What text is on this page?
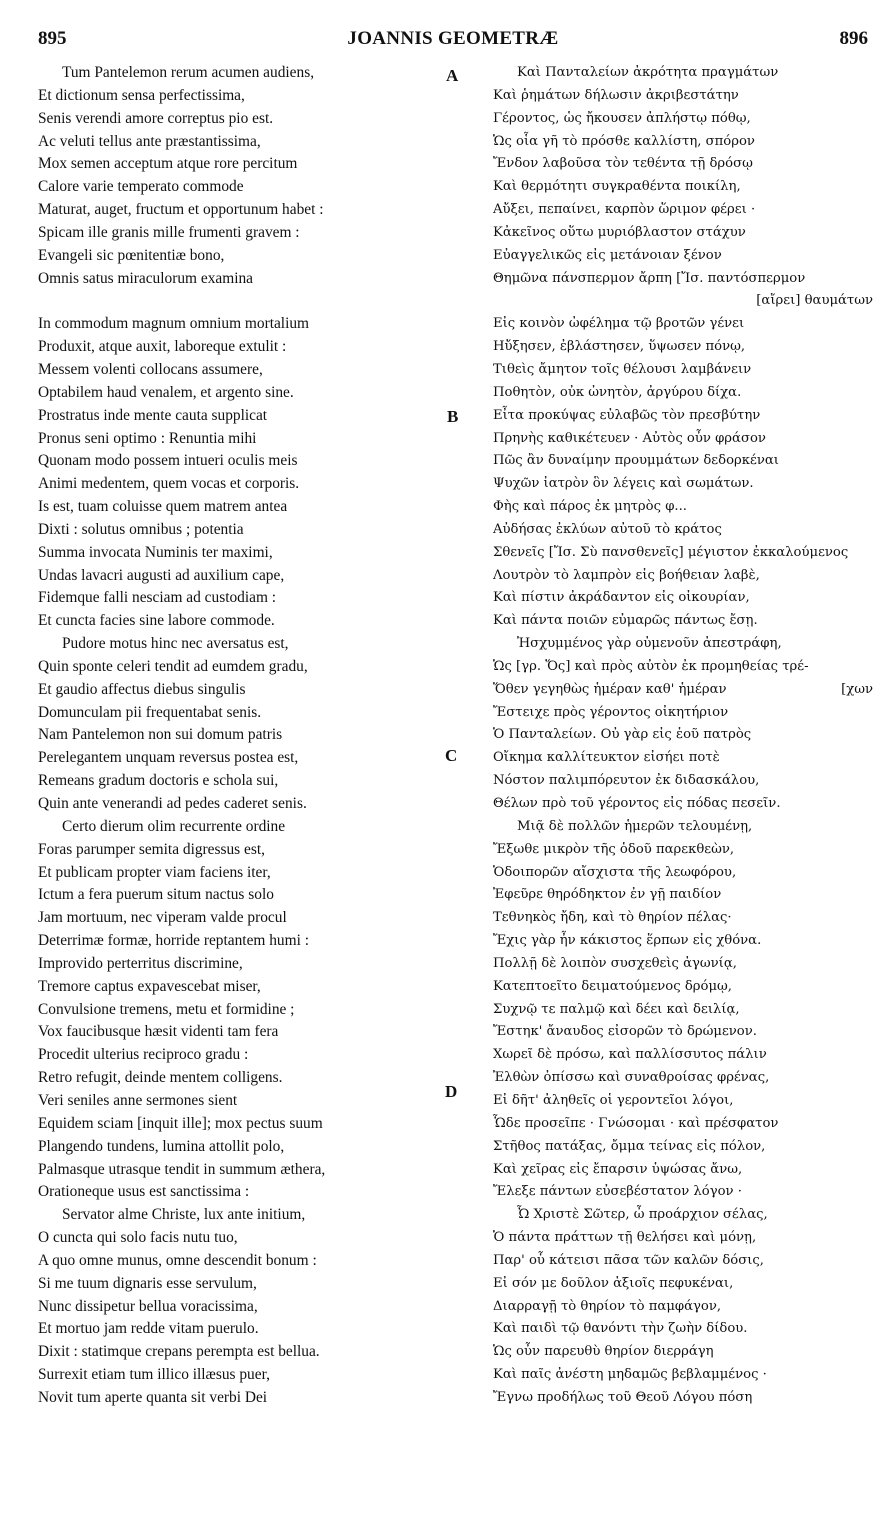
895	JOANNIS GEOMETRÆ	896
Tum Pantelemon rerum acumen audiens,
Et dictionum sensa perfectissima,
Senis verendi amore correptus pio est.
Ac veluti tellus ante præstantissima,
Mox semen acceptum atque rore percitum
Calore varie temperato commode
Maturat, auget, fructum et opportunum habet :
Spicam ille granis mille frumenti gravem :
Evangeli sic pœnitentiæ bono,
Omnis satus miraculorum examina
In commodum magnum omnium mortalium
Produxit, atque auxit, laboreque extulit :
Messem volenti collocans assumere,
Optabilem haud venalem, et argento sine.
Prostratus inde mente cauta supplicat
Pronus seni optimo : Renuntia mihi
Quonam modo possem intueri oculis meis
Animi medentem, quem vocas et corporis.
Is est, tuam coluisse quem matrem antea
Dixti : solutus omnibus ; potentia
Summa invocata Numinis ter maximi,
Undas lavacri augusti ad auxilium cape,
Fidemque falli nesciam ad custodiam :
Et cuncta facies sine labore commode.
Pudore motus hinc nec aversatus est,
Quin sponte celeri tendit ad eumdem gradu,
Et gaudio affectus diebus singulis
Domunculam pii frequentabat senis.
Nam Pantelemon non sui domum patris
Perelegantem unquam reversus postea est,
Remeans gradum doctoris e schola sui,
Quin ante venerandi ad pedes caderet senis.
Certo dierum olim recurrente ordine
Foras parumper semita digressus est,
Et publicam propter viam faciens iter,
Ictum a fera puerum situm nactus solo
Jam mortuum, nec viperam valde procul
Deterrimæ formæ, horride reptantem humi :
Improvido perterritus discrimine,
Tremore captus expavescebat miser,
Convulsione tremens, metu et formidine ;
Vox faucibusque hæsit videnti tam fera
Procedit ulterius reciproco gradu :
Retro refugit, deinde mentem colligens.
Veri seniles anne sermones sient
Equidem sciam [inquit ille]; mox pectus suum
Plangendo tundens, lumina attollit polo,
Palmasque utrasque tendit in summum æthera,
Orationeque usus est sanctissima :
Servator alme Christe, lux ante initium,
O cuncta qui solo facis nutu tuo,
A quo omne munus, omne descendit bonum :
Si me tuum dignaris esse servulum,
Nunc dissipetur bellua voracissima,
Et mortuo jam redde vitam puerulo.
Dixit : statimque crepans perempta est bellua.
Surrexit etiam tum illico illæsus puer,
Novit tum aperte quanta sit verbi Dei
Καὶ Πανταλείων ἀκρότητα πραγμάτων
Καὶ ῥημάτων δήλωσιν ἀκριβεστάτην
Γέροντος, ὡς ἤκουσεν ἀπλήστῳ πόθῳ,
Ὡς οἷα γῆ τὸ πρόσθε καλλίστη, σπόρον
Ἔνδον λαβοῦσα τὸν τεθέντα τῇ δρόσῳ
Καὶ θερμότητι συγκραθέντα ποικίλη,
Αὔξει, πεπαίνει, καρπὸν ὥριμον φέρει ·
Κἀκεῖνος οὕτω μυριόβλαστον στάχυν
Εὐαγγελικῶς εἰς μετάνοιαν ξένον
Θημῶνα πάνσπερμον ἄρπη [Ἴσ. παντόσπερμον
[αἴρει] θαυμάτων
Εἰς κοινὸν ὠφέλημα τῷ βροτῶν γένει
Ηὔξησεν, ἐβλάστησεν, ὕψωσεν πόνῳ,
Τιθεὶς ἄμητον τοῖς θέλουσι λαμβάνειν
Ποθητὸν, οὐκ ὠνητὸν, ἀργύρου δίχα.
Εἶτα προκύψας εὐλαβῶς τὸν πρεσβύτην
Πρηνὴς καθικέτευεν · Αὐτὸς οὖν φράσον
Πῶς ἂν δυναίμην προυμμάτων δεδορκέναι
Ψυχῶν ἰατρὸν ὃν λέγεις καὶ σωμάτων.
Φὴς καὶ πάρος ἐκ μητρὸς φ...
Αὐδήσας ἐκλύων αὐτοῦ τὸ κράτος
Σθενεῖς [Ἴσ. Σὺ πανσθενεῖς] μέγιστον ἐκκαλούμενος
Λουτρὸν τὸ λαμπρὸν εἰς βοήθειαν λαβὲ,
Καὶ πίστιν ἀκράδαντον εἰς οἰκουρίαν,
Καὶ πάντα ποιῶν εὐμαρῶς πάντως ἔσῃ.
Ἠσχυμμένος γὰρ οὐμενοῦν ἀπεστράφη,
Ὡς [γρ. Ὅς] καὶ πρὸς αὐτὸν ἐκ προμηθείας τρέ-
Ὅθεν γεγηθὼς ἡμέραν καθ' ἡμέραν	[χων
Ἔστειχε πρὸς γέροντος οἰκητήριον
Ὁ Πανταλείων. Οὐ γὰρ εἰς ἑοῦ πατρὸς
Οἴκημα καλλίτευκτον εἰσήει ποτὲ
Νόστον παλιμπόρευτον ἐκ διδασκάλου,
Θέλων πρὸ τοῦ γέροντος εἰς πόδας πεσεῖν.
Μιᾷ δὲ πολλῶν ἡμερῶν τελουμένῃ,
Ἔξωθε μικρὸν τῆς ὁδοῦ παρεκθεὼν,
Ὁδοιπορῶν αἴσχιστα τῆς λεωφόρου,
Ἐφεῦρε θηρόδηκτον ἐν γῇ παιδίον
Τεθνηκὸς ἤδη, καὶ τὸ θηρίον πέλας·
Ἔχις γὰρ ἦν κάκιστος ἕρπων εἰς χθόνα.
Πολλῇ δὲ λοιπὸν συσχεθεὶς ἀγωνίᾳ,
Κατεπτοεῖτο δειματούμενος δρόμῳ,
Συχνῷ τε παλμῷ καὶ δέει καὶ δειλίᾳ,
Ἔστηκ' ἄναυδος εἰσορῶν τὸ δρώμενον.
Χωρεῖ δὲ πρόσω, καὶ παλλίσσυτος πάλιν
Ἐλθὼν ὀπίσσω καὶ συναθροίσας φρένας,
Εἰ δῆτ' ἀληθεῖς οἱ γεροντεῖοι λόγοι,
Ὧδε προσεῖπε · Γνώσομαι · καὶ πρέσφατον
Στῆθος πατάξας, ὄμμα τείνας εἰς πόλον,
Καὶ χεῖρας εἰς ἔπαρσιν ὑψώσας ἄνω,
Ἔλεξε πάντων εὐσεβέστατον λόγον ·
Ὦ Χριστὲ Σῶτερ, ὦ προάρχιον σέλας,
Ὁ πάντα πράττων τῇ θελήσει καὶ μόνῃ,
Παρ' οὗ κάτεισι πᾶσα τῶν καλῶν δόσις,
Εἰ σόν με δοῦλον ἀξιοῖς πεφυκέναι,
Διαρραγῇ τὸ θηρίον τὸ παμφάγον,
Καὶ παιδὶ τῷ θανόντι τὴν ζωὴν δίδου.
Ὡς οὖν παρευθὺ θηρίον διερράγη
Καὶ παῖς ἀνέστη μηδαμῶς βεβλαμμένος ·
Ἔγνω προδήλως τοῦ Θεοῦ Λόγου πόση
A
B
C
D
